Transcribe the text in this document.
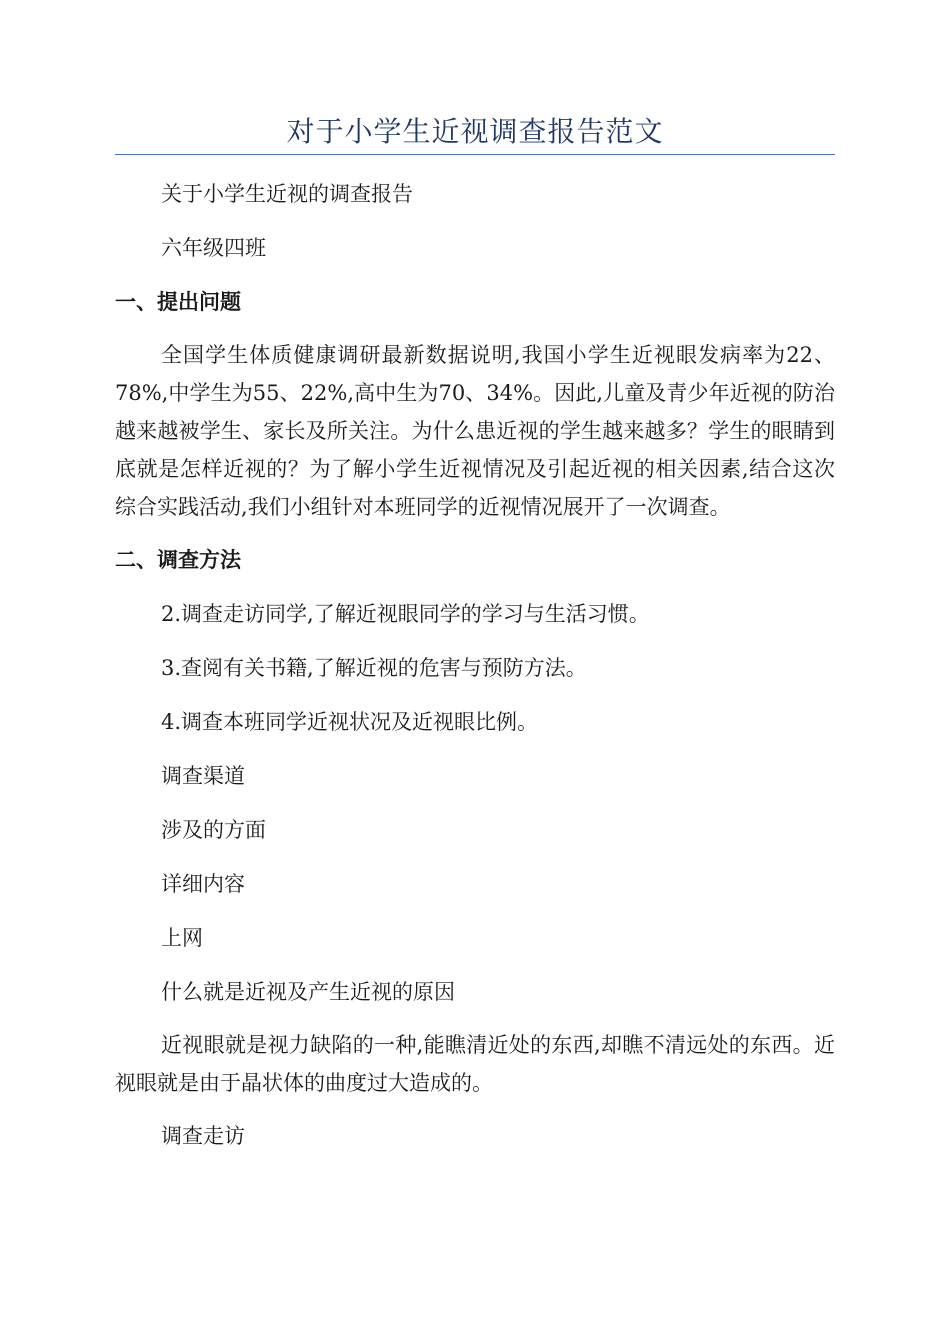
对于小学生近视调查报告范文

关于小学生近视的调查报告

六年级四班

一、提出问题

全国学生体质健康调研最新数据说明,我国小学生近视眼发病率为22、78%,中学生为55、22%,高中生为70、34%。因此,儿童及青少年近视的防治越来越被学生、家长及所关注。为什么患近视的学生越来越多？学生的眼睛到底就是怎样近视的？为了解小学生近视情况及引起近视的相关因素,结合这次综合实践活动,我们小组针对本班同学的近视情况展开了一次调查。

二、调查方法

2.调查走访同学,了解近视眼同学的学习与生活习惯。

3.查阅有关书籍,了解近视的危害与预防方法。

4.调查本班同学近视状况及近视眼比例。

调查渠道

涉及的方面

详细内容

上网

什么就是近视及产生近视的原因

近视眼就是视力缺陷的一种,能瞧清近处的东西,却瞧不清远处的东西。近视眼就是由于晶状体的曲度过大造成的。

调查走访
